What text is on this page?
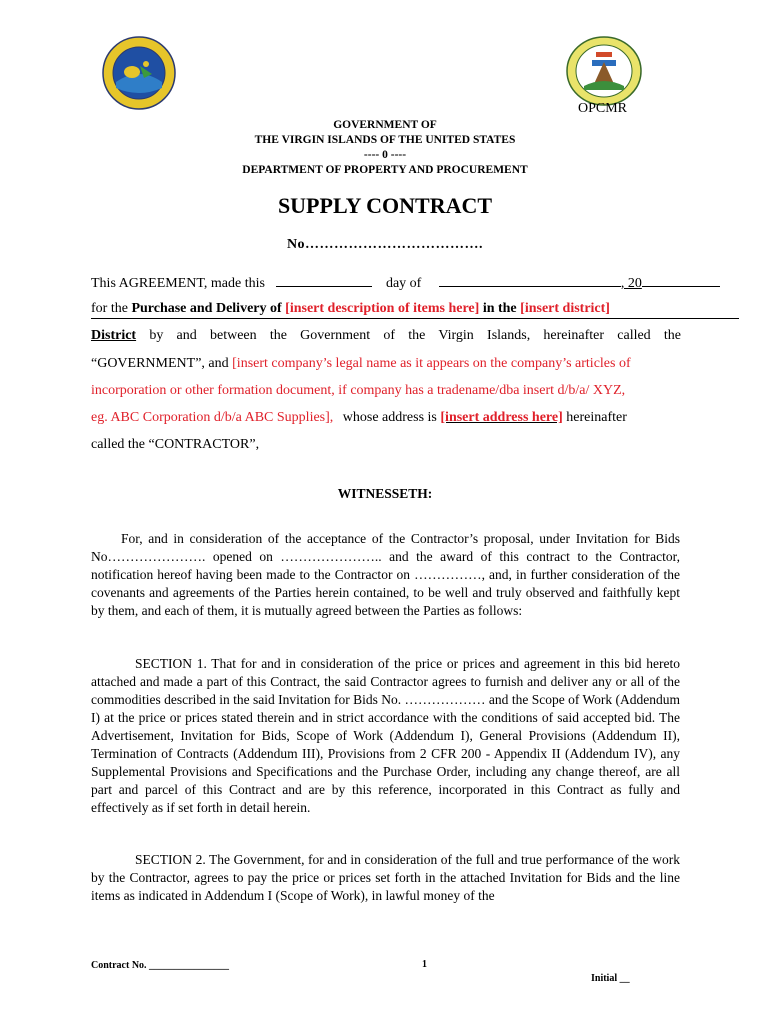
OPCMR
GOVERNMENT OF
THE VIRGIN ISLANDS OF THE UNITED STATES
---- 0 ----
DEPARTMENT OF PROPERTY AND PROCUREMENT
SUPPLY CONTRACT
No……………………………….
This AGREEMENT, made this	day of	, 20
for the Purchase and Delivery of [insert description of items here] in the [insert district]
District by and between the Government of the Virgin Islands, hereinafter called the
“GOVERNMENT”, and [insert company’s legal name as it appears on the company’s articles of
incorporation or other formation document, if company has a tradename/dba insert d/b/a/ XYZ,
eg. ABC Corporation d/b/a ABC Supplies], whose address is [insert address here] hereinafter
called the “CONTRACTOR”,
WITNESSETH:

For, and in consideration of the acceptance of the Contractor’s proposal, under Invitation for Bids No…………………. opened on ………………….. and the award of this contract to the Contractor, notification hereof having been made to the Contractor on ……………, and, in further consideration of the covenants and agreements of the Parties herein contained, to be well and truly observed and faithfully kept by them, and each of them, it is mutually agreed between the Parties as follows:

SECTION 1. That for and in consideration of the price or prices and agreement in this bid hereto attached and made a part of this Contract, the said Contractor agrees to furnish and deliver any or all of the commodities described in the said Invitation for Bids No. ……………… and the Scope of Work (Addendum I) at the price or prices stated therein and in strict accordance with the conditions of said accepted bid. The Advertisement, Invitation for Bids, Scope of Work (Addendum I), General Provisions (Addendum II), Termination of Contracts (Addendum III), Provisions from 2 CFR 200 - Appendix II (Addendum IV), any Supplemental Provisions and Specifications and the Purchase Order, including any change thereof, are all part and parcel of this Contract and are by this reference, incorporated in this Contract as fully and effectively as if set forth in detail herein.

SECTION 2. The Government, for and in consideration of the full and true performance of the work by the Contractor, agrees to pay the price or prices set forth in the attached Invitation for Bids and the line items as indicated in Addendum I (Scope of Work), in lawful money of the

Contract No. ________________	1
Initial __
